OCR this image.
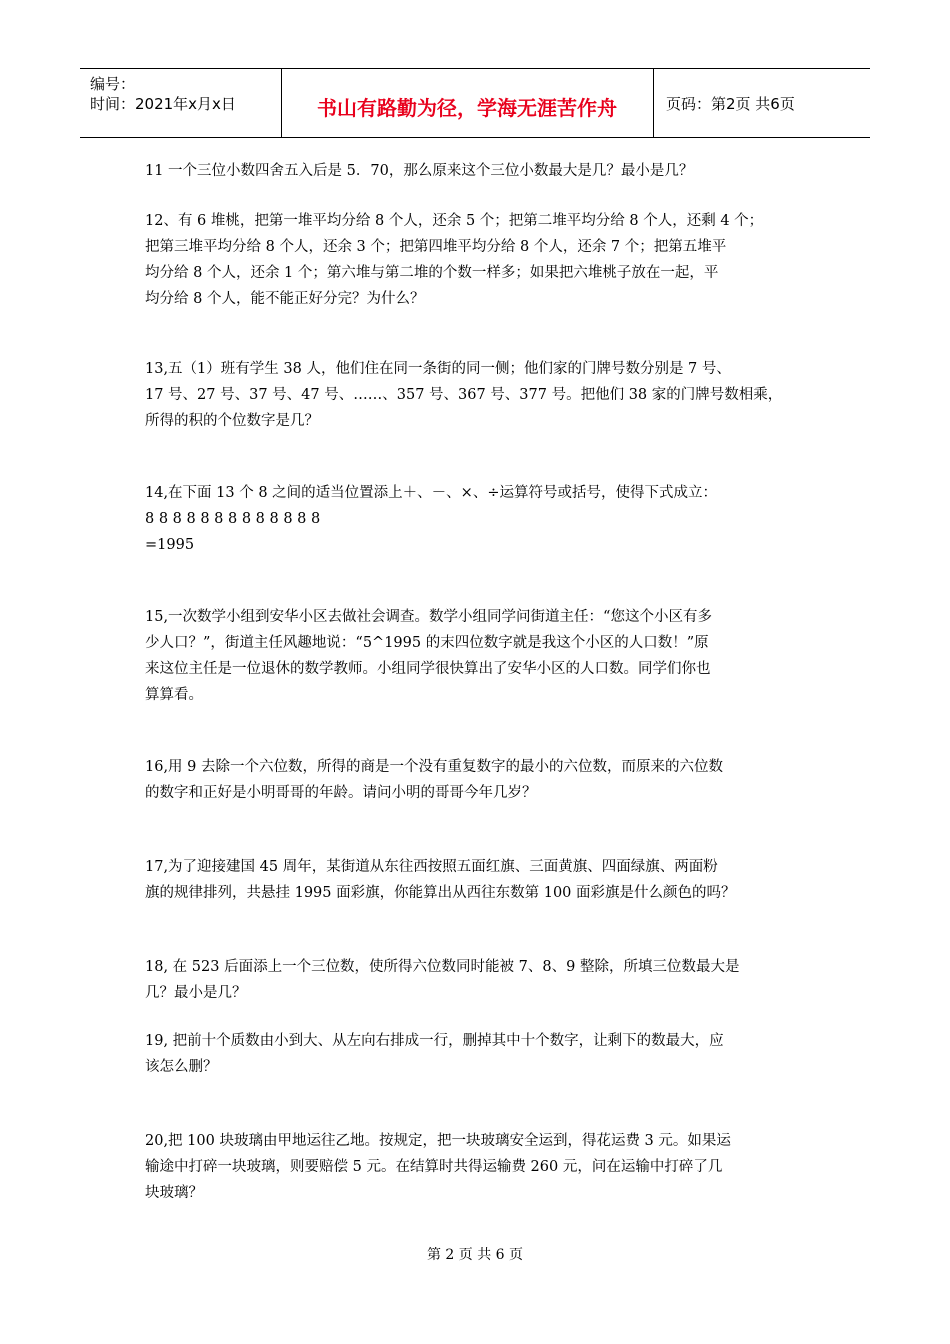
编号：
时间：2021年x月x日	书山有路勤为径，学海无涯苦作舟	页码：第2页 共6页
11 一个三位小数四舍五入后是 5．70，那么原来这个三位小数最大是几？最小是几？
12、有 6 堆桃，把第一堆平均分给 8 个人，还余 5 个；把第二堆平均分给 8 个人，还剩 4 个；
把第三堆平均分给 8 个人，还余 3 个；把第四堆平均分给 8 个人，还余 7 个；把第五堆平
均分给 8 个人，还余 1 个；第六堆与第二堆的个数一样多；如果把六堆桃子放在一起，平
均分给 8 个人，能不能正好分完？为什么？
13,五（1）班有学生 38 人，他们住在同一条街的同一侧；他们家的门牌号数分别是 7 号、
17 号、27 号、37 号、47 号、……、357 号、367 号、377 号。把他们 38 家的门牌号数相乘，
所得的积的个位数字是几？
14,在下面 13 个 8 之间的适当位置添上＋、－、×、÷运算符号或括号，使得下式成立：
8 8 8 8 8 8 8 8 8 8 8 8 8
=1995
15,一次数学小组到安华小区去做社会调查。数学小组同学问街道主任：“您这个小区有多
少人口？”，街道主任风趣地说：“5^1995 的末四位数字就是我这个小区的人口数！”原
来这位主任是一位退休的数学教师。小组同学很快算出了安华小区的人口数。同学们你也
算算看。
16,用 9 去除一个六位数，所得的商是一个没有重复数字的最小的六位数，而原来的六位数
的数字和正好是小明哥哥的年龄。请问小明的哥哥今年几岁？
17,为了迎接建国 45 周年，某街道从东往西按照五面红旗、三面黄旗、四面绿旗、两面粉
旗的规律排列，共悬挂 1995 面彩旗，你能算出从西往东数第 100 面彩旗是什么颜色的吗？
18, 在 523 后面添上一个三位数，使所得六位数同时能被 7、8、9 整除，所填三位数最大是
几？最小是几？
19, 把前十个质数由小到大、从左向右排成一行，删掉其中十个数字，让剩下的数最大，应
该怎么删？
20,把 100 块玻璃由甲地运往乙地。按规定，把一块玻璃安全运到，得花运费 3 元。如果运
输途中打碎一块玻璃，则要赔偿 5 元。在结算时共得运输费 260 元，问在运输中打碎了几
块玻璃？
第 2 页 共 6 页
